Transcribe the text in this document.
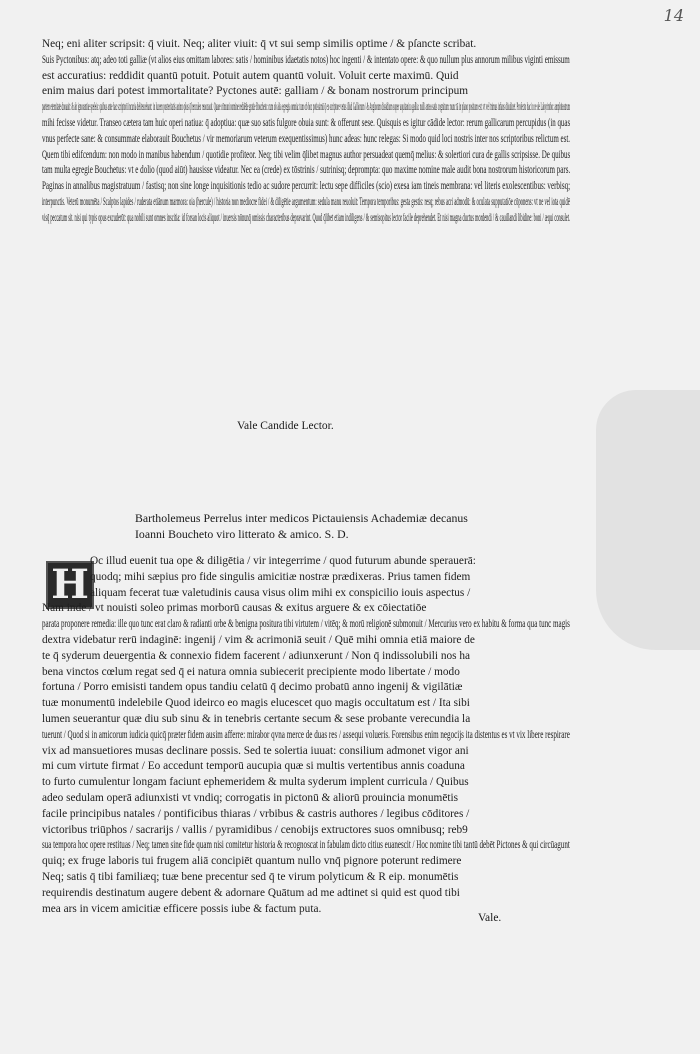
14
Neq; eni aliter scripsit: q̄ viuit. Neq; aliter viuit: q̄ vt sui semp similis optime / & pſancte scribat.
Suis Pyctonibus: atq; adeo toti galliæ (vt alios eius omittam labores: satis / hominibus idaetatis notos) hoc ingenti / & intentato opere: & quo nullum plus annorum milibus viginti emissum
est accuratius: reddidit quantū potuit. Potuit autem quantū voluit. Voluit certe maximū. Quid
enim maius dari potest immortalitate? Pyctones autē: galliam / & bonam nostrorum principum
partem eternitate donauit: & ab ignorantiæ speleis: quibus ante hac scriptorū incuria delitescebant: in lucem posteritatis animo plus q̄ herculeo reuocauit. Quare cōmuni nomine reddēde gratie Boucheto: cum ob alia egregia omnia: tum ob hoc potissimū q̄ eo scriptore vetus illud Galliorum / & Anglorum dissidium super aquitanica gallia: nulli antea satis cognitum: nunc tā in plano positum est: vt vel trimus infans diiudicet. Profecto hac in re de Labyrintho: amphiteatrum
mihi fecisse videtur. Transeo cætera tam huic operi natiua: q̄ adoptiua: quæ suo satis fulgore obuia sunt: & offerunt sese. Quisquis es igitur cādide lector: rerum gallicarum percupidus (in quas
vnus perfecte sane: & consummate elaborauit Bouchetus / vir memoriarum veterum exequentissimus) hunc adeas: hunc relegas: Si modo quid loci nostris inter nos scriptoribus relictum est.
Quem tibi edifcendum: non modo in manibus habendum / quotidie profiteor. Neq; tibi velim q̄libet magnus author persuadeat quemq̄ melius: & solertiori cura de gallis scripsisse. De quibus
tam multa egregie Bouchetus: vt e dolio (quod aiūt) hausisse videatur. Nec ea (crede) ex tōstrinis / sutrinisq; deprompta: quo maxime nomine male audit bona nostrorum historicorum pars.
Paginas in annalibus magistratuum / fastisq; non sine longe inquisitionis tedio ac sudore percurrit: lectu sepe difficiles (scio) exesa iam tineis membrana: vel literis exolescentibus: verbisq;
interpunctis. Veterū monumēta / Scalptos lapides / ruderata etiānum marmora: oia (hercule) / historia non mediocre fidei / & diligētie argumentum: sedula manu reuoluit: Tempora temporibus: gesta gestis: resq; rebus acri admodū: & oculata supputatiōe cōponens: vt ne vel iota quidē
visq̄ peccatum sit. nisi qui typis opus excuderūt: qua nobili sunt omnes inscitia: id forsan locis aliquot / inuersis nōnunq̄ omissis characteribus depravarint. Quod q̄libet etiam indiligens / & semisopitus lector facile deprehendet. Et nisi magna ductus mordendi / & cauillandi libidine: boni / æqui consulet.
Vale Candide Lector.
Bartholemeus Perrelus inter medicos Pictauiensis Achademiæ decanus
Ioanni Boucheto viro litterato & amico. S. D.
H Oc illud euenit tua ope & diligētia / vir integerrime / quod futurum abunde sperauerā:
quodq; mihi sæpius pro fide singulis amicitiæ nostræ prædixeras. Prius tamen fidem
aliquam fecerat tuæ valetudinis causa visus olim mihi ex conspicilio iouis aspectus /
Nam inde / vt nouisti soleo primas morborū causas & exitus arguere & ex cōiectatiōe
parata proponere remedia: ille quo tunc erat claro & radianti orbe & benigna positura tibi virtutem / vitēq; & morū religionē submonuit / Mercurius vero ex habitu & forma qua tunc magis
dextra videbatur rerū indaginē: ingenij / vim & acrimoniā seuit / Quē mihi omnia etiā maiore de
te q̄ syderum deuergentia & connexio fidem facerent / adiunxerunt / Non q̄ indissolubili nos ha
bena vinctos cœlum regat sed q̄ ei natura omnia subiecerit precipiente modo libertate / modo
fortuna / Porro emisisti tandem opus tandiu celatū q̄ decimo probatū anno ingenij & vigilātiæ
tuæ monumentū indelebile Quod ideirco eo magis elucescet quo magis occultatum est / Ita sibi
lumen seuerantur quæ diu sub sinu & in tenebris certante secum & sese probante verecundia la
tuerunt / Quod si in amicorum iudicia quicq̄ præter fidem ausim afferre: mirabor qvna merce de duas res / assequi volueris. Forensibus enim negocijs ita distentus es vt vix libere respirare
vix ad mansuetiores musas declinare possis. Sed te solertia iuuat: consilium admonet vigor ani
mi cum virtute firmat / Eo accedunt temporū aucupia quæ si multis vertentibus annis coaduna
to furto cumulentur longam faciunt ephemeridem & multa syderum implent curricula / Quibus
adeo sedulam operā adiunxisti vt vndiq; corrogatis in pictonū & aliorū prouincia monumētis
facile principibus natales / pontificibus thiaras / vrbibus & castris authores / legibus cōditores /
victoribus triūphos / sacrarijs / vallis / pyramidibus / cenobijs extructores suos omnibusq; reb9
sua tempora hoc opere restituas / Neq; tamen sine fide quam nisi comitetur historia & recognoscat in fabulam dicto citius euanescit / Hoc nomine tibi tantū debēt Pictones & qui circūagunt
quiq; ex fruge laboris tui frugem aliā concipiēt quantum nullo vnq̄ pignore poterunt redimere
Neq; satis q̄ tibi familiæq; tuæ bene precentur sed q̄ te virum polyticum & R eip. monumētis
requirendis destinatum augere debent & adornare Quātum ad me adtinet si quid est quod tibi
mea ars in vicem amicitiæ efficere possis iube & factum puta.
Vale.
